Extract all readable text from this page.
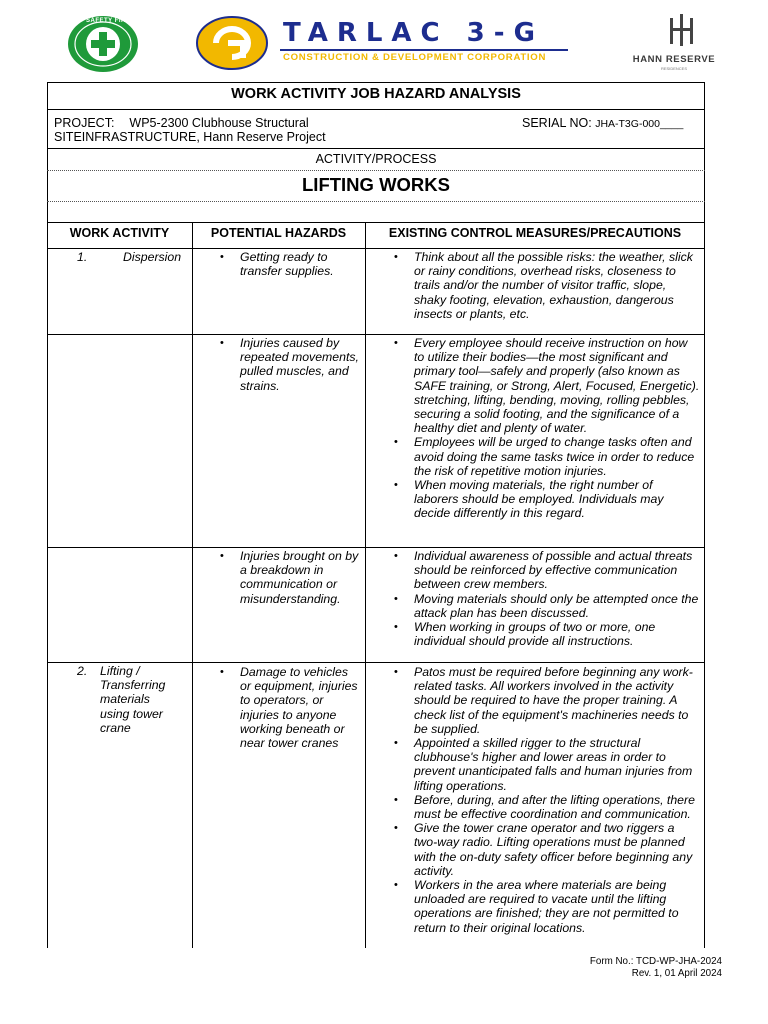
SAFETY FIRST	TARLAC 3-G
CONSTRUCTION & DEVELOPMENT CORPORATION	HANN RESERVE
RESIDENCES
WORK ACTIVITY JOB HAZARD ANALYSIS
PROJECT: WP5-2300 Clubhouse Structural
SITEINFRASTRUCTURE, Hann Reserve Project
SERIAL NO: JHA-T3G-000____
ACTIVITY/PROCESS
LIFTING WORKS
WORK ACTIVITY	POTENTIAL HAZARDS	EXISTING CONTROL MEASURES/PRECAUTIONS
1.	Dispersion
•	Getting ready to transfer supplies.
• Think about all the possible risks: the weather, slick or rainy conditions, overhead risks, closeness to trails and/or the number of visitor traffic, slope, shaky footing, elevation, exhaustion, dangerous insects or plants, etc.
• Injuries caused by repeated movements, pulled muscles, and strains.
• Every employee should receive instruction on how to utilize their bodies—the most significant and primary tool—safely and properly (also known as SAFE training, or Strong, Alert, Focused, Energetic). stretching, lifting, bending, moving, rolling pebbles, securing a solid footing, and the significance of a healthy diet and plenty of water.
• Employees will be urged to change tasks often and avoid doing the same tasks twice in order to reduce the risk of repetitive motion injuries.
• When moving materials, the right number of laborers should be employed. Individuals may decide differently in this regard.
• Injuries brought on by a breakdown in communication or misunderstanding.
• Individual awareness of possible and actual threats should be reinforced by effective communication between crew members.
• Moving materials should only be attempted once the attack plan has been discussed.
• When working in groups of two or more, one individual should provide all instructions.
2.	Lifting / Transferring materials using tower crane
• Damage to vehicles or equipment, injuries to operators, or injuries to anyone working beneath or near tower cranes
• Patos must be required before beginning any work-related tasks. All workers involved in the activity should be required to have the proper training. A check list of the equipment's machineries needs to be supplied.
• Appointed a skilled rigger to the structural clubhouse's higher and lower areas in order to prevent unanticipated falls and human injuries from lifting operations.
• Before, during, and after the lifting operations, there must be effective coordination and communication.
• Give the tower crane operator and two riggers a two-way radio. Lifting operations must be planned with the on-duty safety officer before beginning any activity.
• Workers in the area where materials are being unloaded are required to vacate until the lifting operations are finished; they are not permitted to return to their original locations.
Form No.: TCD-WP-JHA-2024
Rev. 1, 01 April 2024
